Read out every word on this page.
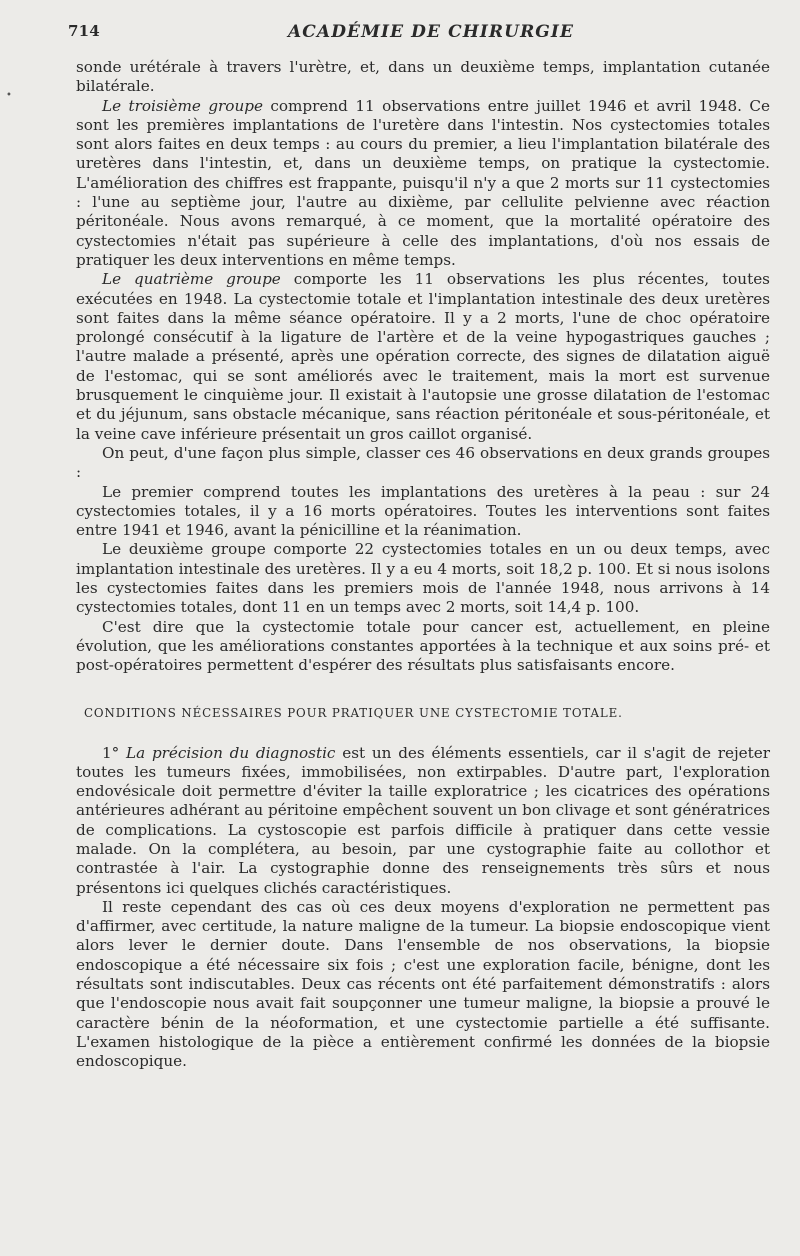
•
714	ACADÉMIE DE CHIRURGIE

sonde urétérale à travers l'urètre, et, dans un deuxième temps, implantation cutanée bilatérale.

Le troisième groupe comprend 11 observations entre juillet 1946 et avril 1948. Ce sont les premières implantations de l'uretère dans l'intestin. Nos cystectomies totales sont alors faites en deux temps : au cours du premier, a lieu l'implantation bilatérale des uretères dans l'intestin, et, dans un deuxième temps, on pratique la cystectomie. L'amélioration des chiffres est frappante, puisqu'il n'y a que 2 morts sur 11 cystectomies : l'une au septième jour, l'autre au dixième, par cellulite pelvienne avec réaction péritonéale. Nous avons remarqué, à ce moment, que la mortalité opératoire des cystectomies n'était pas supérieure à celle des implantations, d'où nos essais de pratiquer les deux interventions en même temps.

Le quatrième groupe comporte les 11 observations les plus récentes, toutes exécutées en 1948. La cystectomie totale et l'implantation intestinale des deux uretères sont faites dans la même séance opératoire. Il y a 2 morts, l'une de choc opératoire prolongé consécutif à la ligature de l'artère et de la veine hypogastriques gauches ; l'autre malade a présenté, après une opération correcte, des signes de dilatation aiguë de l'estomac, qui se sont améliorés avec le traitement, mais la mort est survenue brusquement le cinquième jour. Il existait à l'autopsie une grosse dilatation de l'estomac et du jéjunum, sans obstacle mécanique, sans réaction péritonéale et sous-péritonéale, et la veine cave inférieure présentait un gros caillot organisé.

On peut, d'une façon plus simple, classer ces 46 observations en deux grands groupes :

Le premier comprend toutes les implantations des uretères à la peau : sur 24 cystectomies totales, il y a 16 morts opératoires. Toutes les interventions sont faites entre 1941 et 1946, avant la pénicilline et la réanimation.

Le deuxième groupe comporte 22 cystectomies totales en un ou deux temps, avec implantation intestinale des uretères. Il y a eu 4 morts, soit 18,2 p. 100. Et si nous isolons les cystectomies faites dans les premiers mois de l'année 1948, nous arrivons à 14 cystectomies totales, dont 11 en un temps avec 2 morts, soit 14,4 p. 100.

C'est dire que la cystectomie totale pour cancer est, actuellement, en pleine évolution, que les améliorations constantes apportées à la technique et aux soins pré- et post-opératoires permettent d'espérer des résultats plus satisfaisants encore.

CONDITIONS NÉCESSAIRES POUR PRATIQUER UNE CYSTECTOMIE TOTALE.

1° La précision du diagnostic est un des éléments essentiels, car il s'agit de rejeter toutes les tumeurs fixées, immobilisées, non extirpables. D'autre part, l'exploration endovésicale doit permettre d'éviter la taille exploratrice ; les cicatrices des opérations antérieures adhérant au péritoine empêchent souvent un bon clivage et sont génératrices de complications. La cystoscopie est parfois difficile à pratiquer dans cette vessie malade. On la complétera, au besoin, par une cystographie faite au collothor et contrastée à l'air. La cystographie donne des renseignements très sûrs et nous présentons ici quelques clichés caractéristiques.

Il reste cependant des cas où ces deux moyens d'exploration ne permettent pas d'affirmer, avec certitude, la nature maligne de la tumeur. La biopsie endoscopique vient alors lever le dernier doute. Dans l'ensemble de nos observations, la biopsie endoscopique a été nécessaire six fois ; c'est une exploration facile, bénigne, dont les résultats sont indiscutables. Deux cas récents ont été parfaitement démonstratifs : alors que l'endoscopie nous avait fait soupçonner une tumeur maligne, la biopsie a prouvé le caractère bénin de la néoformation, et une cystectomie partielle a été suffisante. L'examen histologique de la pièce a entièrement confirmé les données de la biopsie endoscopique.
